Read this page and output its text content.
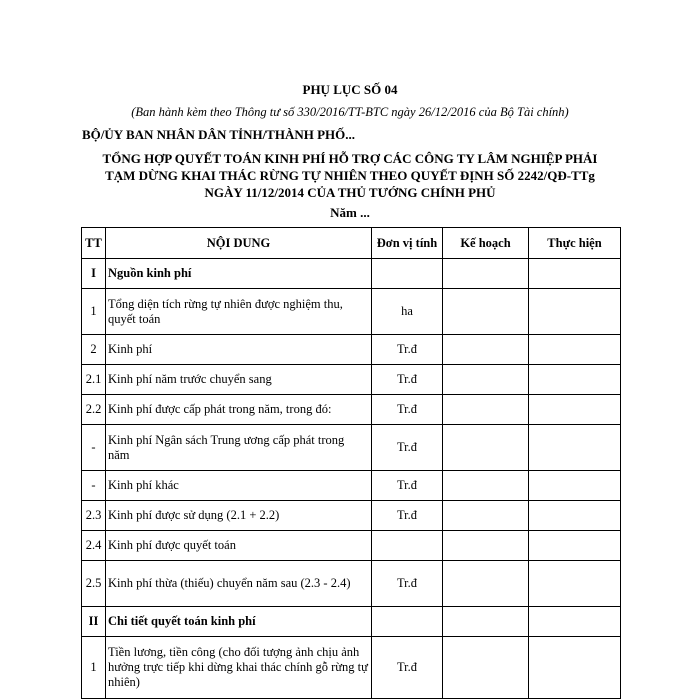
PHỤ LỤC SỐ 04
(Ban hành kèm theo Thông tư số 330/2016/TT-BTC ngày 26/12/2016 của Bộ Tài chính)
BỘ/ỦY BAN NHÂN DÂN TỈNH/THÀNH PHỐ...
TỔNG HỢP QUYẾT TOÁN KINH PHÍ HỖ TRỢ CÁC CÔNG TY LÂM NGHIỆP PHẢI
TẠM DỪNG KHAI THÁC RỪNG TỰ NHIÊN THEO QUYẾT ĐỊNH SỐ 2242/QĐ-TTg
NGÀY 11/12/2014 CỦA THỦ TƯỚNG CHÍNH PHỦ
Năm ...
TT	NỘI DUNG	Đơn vị tính	Kế hoạch	Thực hiện
I	Nguồn kinh phí			
1	Tổng diện tích rừng tự nhiên được nghiệm thu, quyết toán	ha		
2	Kinh phí	Tr.đ		
2.1	Kinh phí năm trước chuyển sang	Tr.đ		
2.2	Kinh phí được cấp phát trong năm, trong đó:	Tr.đ		
-	Kinh phí Ngân sách Trung ương cấp phát trong năm	Tr.đ		
-	Kinh phí khác	Tr.đ		
2.3	Kinh phí được sử dụng (2.1 + 2.2)	Tr.đ		
2.4	Kinh phí được quyết toán			
2.5	Kinh phí thừa (thiếu) chuyển năm sau (2.3 - 2.4)	Tr.đ		
II	Chi tiết quyết toán kinh phí			
1	Tiền lương, tiền công (cho đối tượng ảnh chịu ảnh hưởng trực tiếp khi dừng khai thác chính gỗ rừng tự nhiên)	Tr.đ		
